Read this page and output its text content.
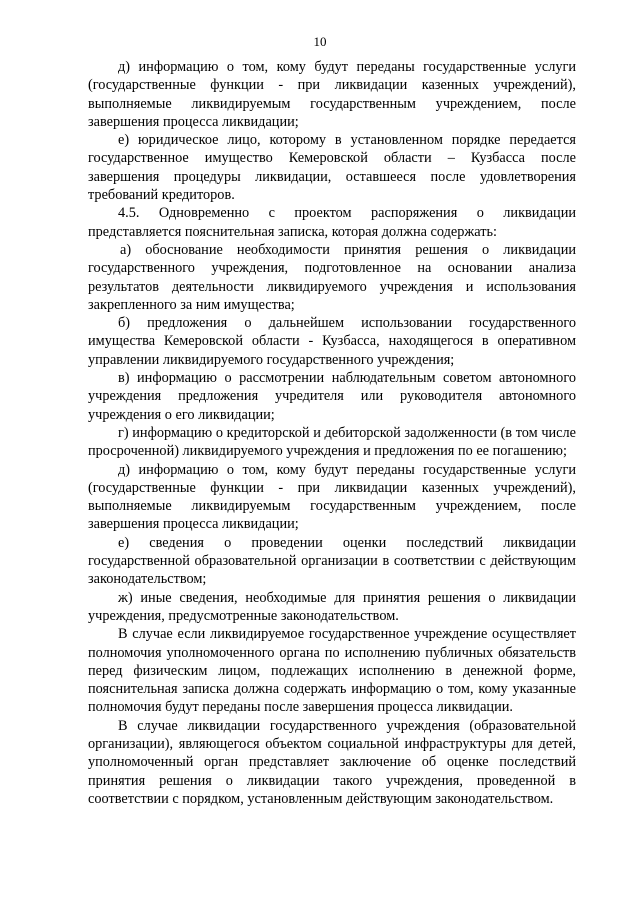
10

д) информацию о том, кому будут переданы государственные услуги (государственные функции - при ликвидации казенных учреждений), выполняемые ликвидируемым государственным учреждением, после завершения процесса ликвидации;

е) юридическое лицо, которому в установленном порядке передается государственное имущество Кемеровской области – Кузбасса после завершения процедуры ликвидации, оставшееся после удовлетворения требований кредиторов.

4.5. Одновременно с проектом распоряжения о ликвидации представляется пояснительная записка, которая должна содержать:

а) обоснование необходимости принятия решения о ликвидации государственного учреждения, подготовленное на основании анализа результатов деятельности ликвидируемого учреждения и использования закрепленного за ним имущества;

б) предложения о дальнейшем использовании государственного имущества Кемеровской области - Кузбасса, находящегося в оперативном управлении ликвидируемого государственного учреждения;

в) информацию о рассмотрении наблюдательным советом автономного учреждения предложения учредителя или руководителя автономного учреждения о его ликвидации;

г) информацию о кредиторской и дебиторской задолженности (в том числе просроченной) ликвидируемого учреждения и предложения по ее погашению;

д) информацию о том, кому будут переданы государственные услуги (государственные функции - при ликвидации казенных учреждений), выполняемые ликвидируемым государственным учреждением, после завершения процесса ликвидации;

е) сведения о проведении оценки последствий ликвидации государственной образовательной организации в соответствии с действующим законодательством;

ж) иные сведения, необходимые для принятия решения о ликвидации учреждения, предусмотренные законодательством.

В случае если ликвидируемое государственное учреждение осуществляет полномочия уполномоченного органа по исполнению публичных обязательств перед физическим лицом, подлежащих исполнению в денежной форме, пояснительная записка должна содержать информацию о том, кому указанные полномочия будут переданы после завершения процесса ликвидации.

В случае ликвидации государственного учреждения (образовательной организации), являющегося объектом социальной инфраструктуры для детей, уполномоченный орган представляет заключение об оценке последствий принятия решения о ликвидации такого учреждения, проведенной в соответствии с порядком, установленным действующим законодательством.
